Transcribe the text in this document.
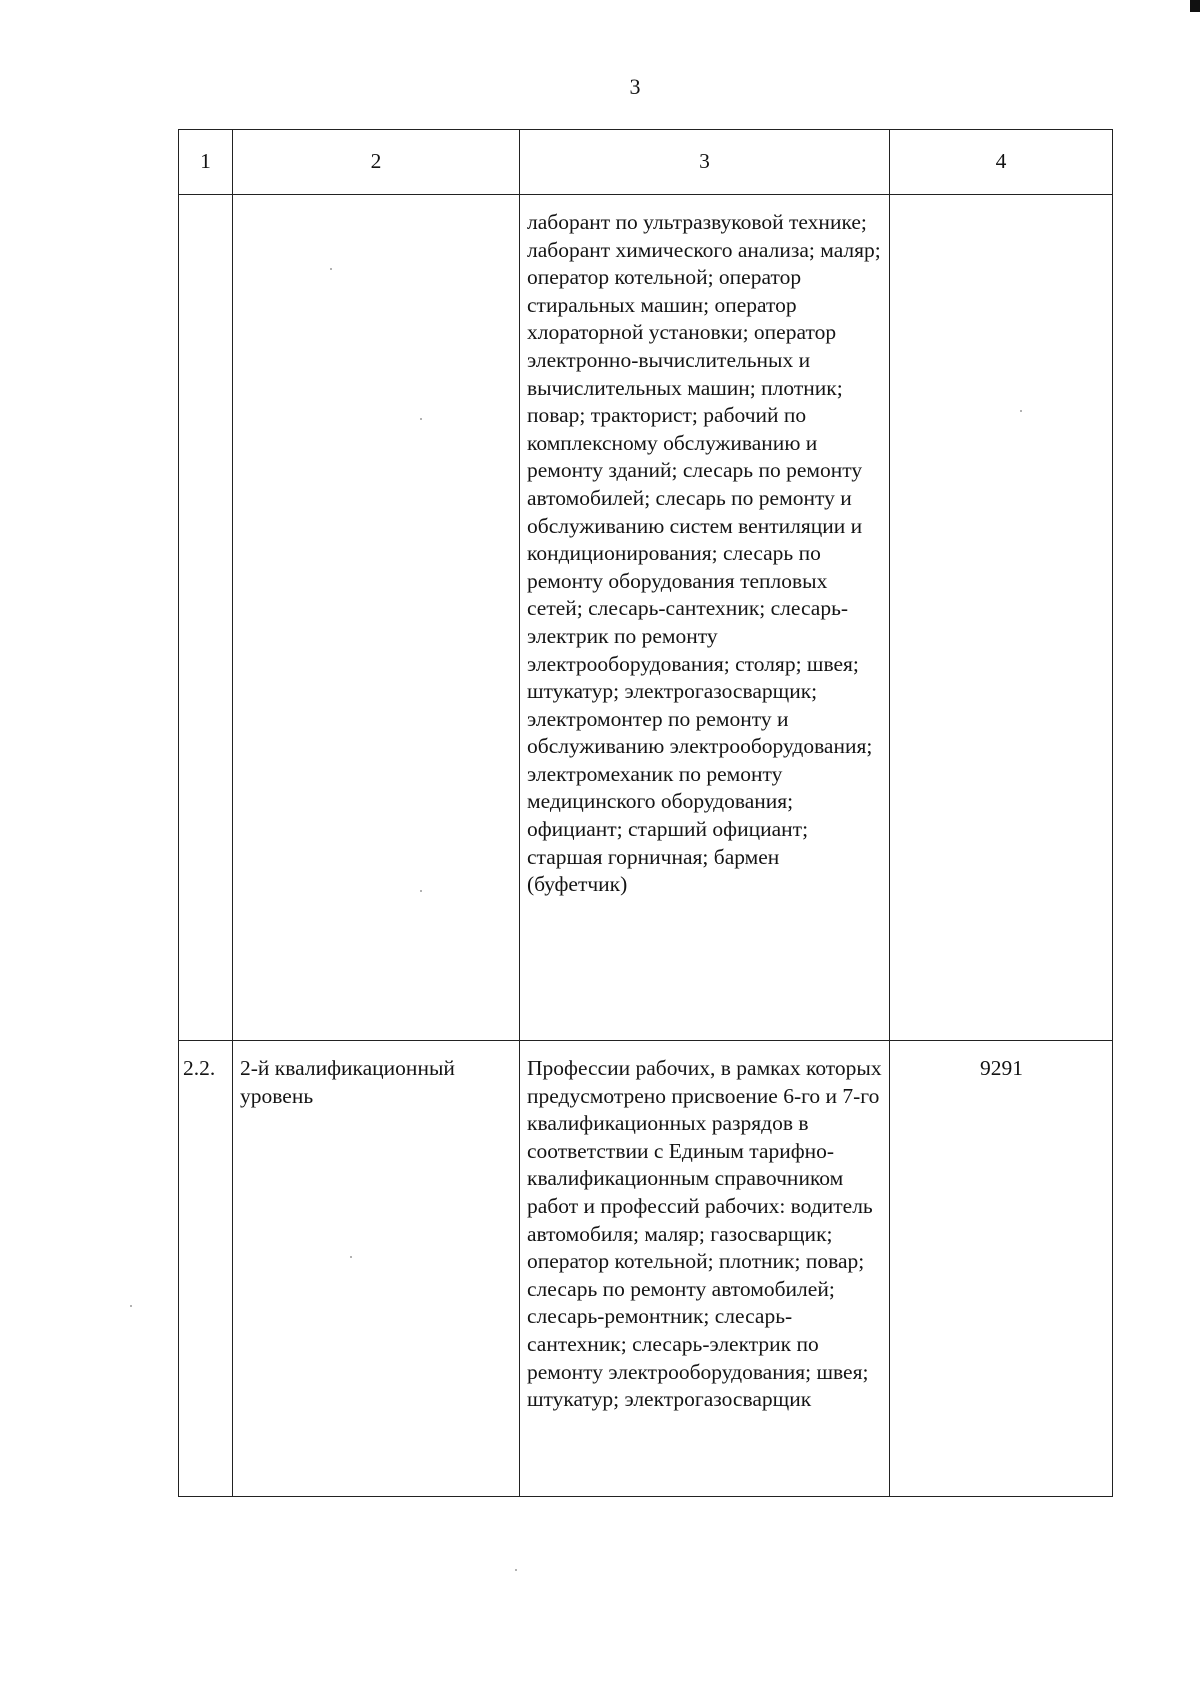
3
1	2	3	4

		лаборант по ультразвуковой технике; лаборант химического анализа; маляр; оператор котельной; оператор стиральных машин; оператор хлораторной установки; оператор электронно-вычислительных и вычислительных машин; плотник; повар; тракторист; рабочий по комплексному обслуживанию и ремонту зданий; слесарь по ремонту автомобилей; слесарь по ремонту и обслуживанию систем вентиляции и кондиционирования; слесарь по ремонту оборудования тепловых сетей; слесарь-сантехник; слесарь-электрик по ремонту электрооборудования; столяр; швея; штукатур; электрогазосварщик; электромонтер по ремонту и обслуживанию электрооборудования; электромеханик по ремонту медицинского оборудования; официант; старший официант; старшая горничная; бармен (буфетчик)	

2.2.	2-й квалификационный уровень	Профессии рабочих, в рамках которых предусмотрено присвоение 6-го и 7-го квалификационных разрядов в соответствии с Единым тарифно-квалификационным справочником работ и профессий рабочих: водитель автомобиля; маляр; газосварщик; оператор котельной; плотник; повар; слесарь по ремонту автомобилей; слесарь-ремонтник; слесарь-сантехник; слесарь-электрик по ремонту электрооборудования; швея; штукатур; электрогазосварщик	9291
